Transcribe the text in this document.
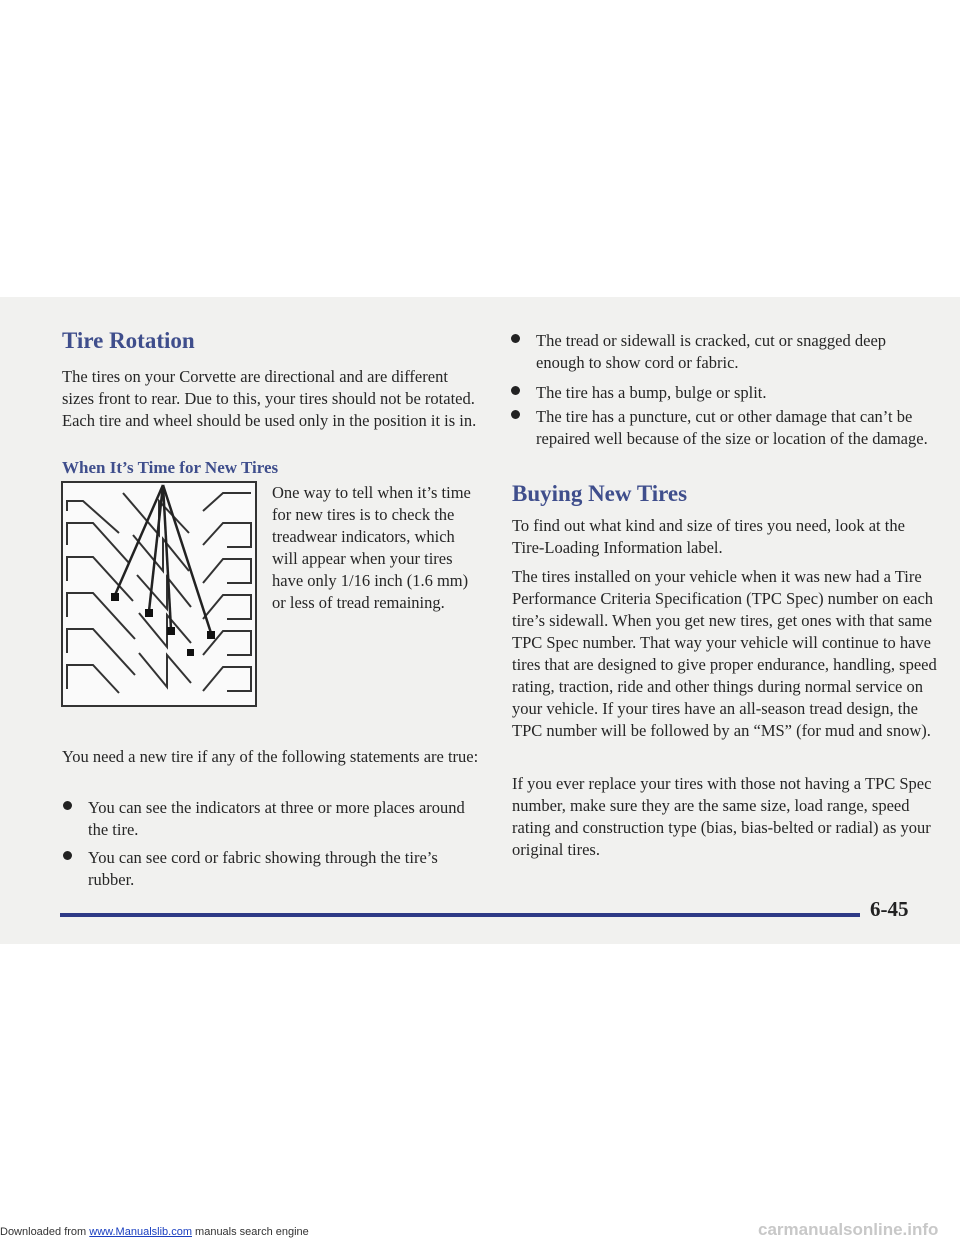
Tire Rotation

The tires on your Corvette are directional and are different sizes front to rear. Due to this, your tires should not be rotated. Each tire and wheel should be used only in the position it is in.

When It’s Time for New Tires

One way to tell when it’s time for new tires is to check the treadwear indicators, which will appear when your tires have only 1/16 inch (1.6 mm) or less of tread remaining.

You need a new tire if any of the following statements are true:

You can see the indicators at three or more places around the tire.
You can see cord or fabric showing through the tire’s rubber.
The tread or sidewall is cracked, cut or snagged deep enough to show cord or fabric.
The tire has a bump, bulge or split.
The tire has a puncture, cut or other damage that can’t be repaired well because of the size or location of the damage.
Buying New Tires

To find out what kind and size of tires you need, look at the Tire-Loading Information label.

The tires installed on your vehicle when it was new had a Tire Performance Criteria Specification (TPC Spec) number on each tire’s sidewall. When you get new tires, get ones with that same TPC Spec number. That way your vehicle will continue to have tires that are designed to give proper endurance, handling, speed rating, traction, ride and other things during normal service on your vehicle. If your tires have an all-season tread design, the TPC number will be followed by an “MS” (for mud and snow).

If you ever replace your tires with those not having a TPC Spec number, make sure they are the same size, load range, speed rating and construction type (bias, bias-belted or radial) as your original tires.

6-45

Downloaded from www.Manualslib.com manuals search engine	carmanualsonline.info
